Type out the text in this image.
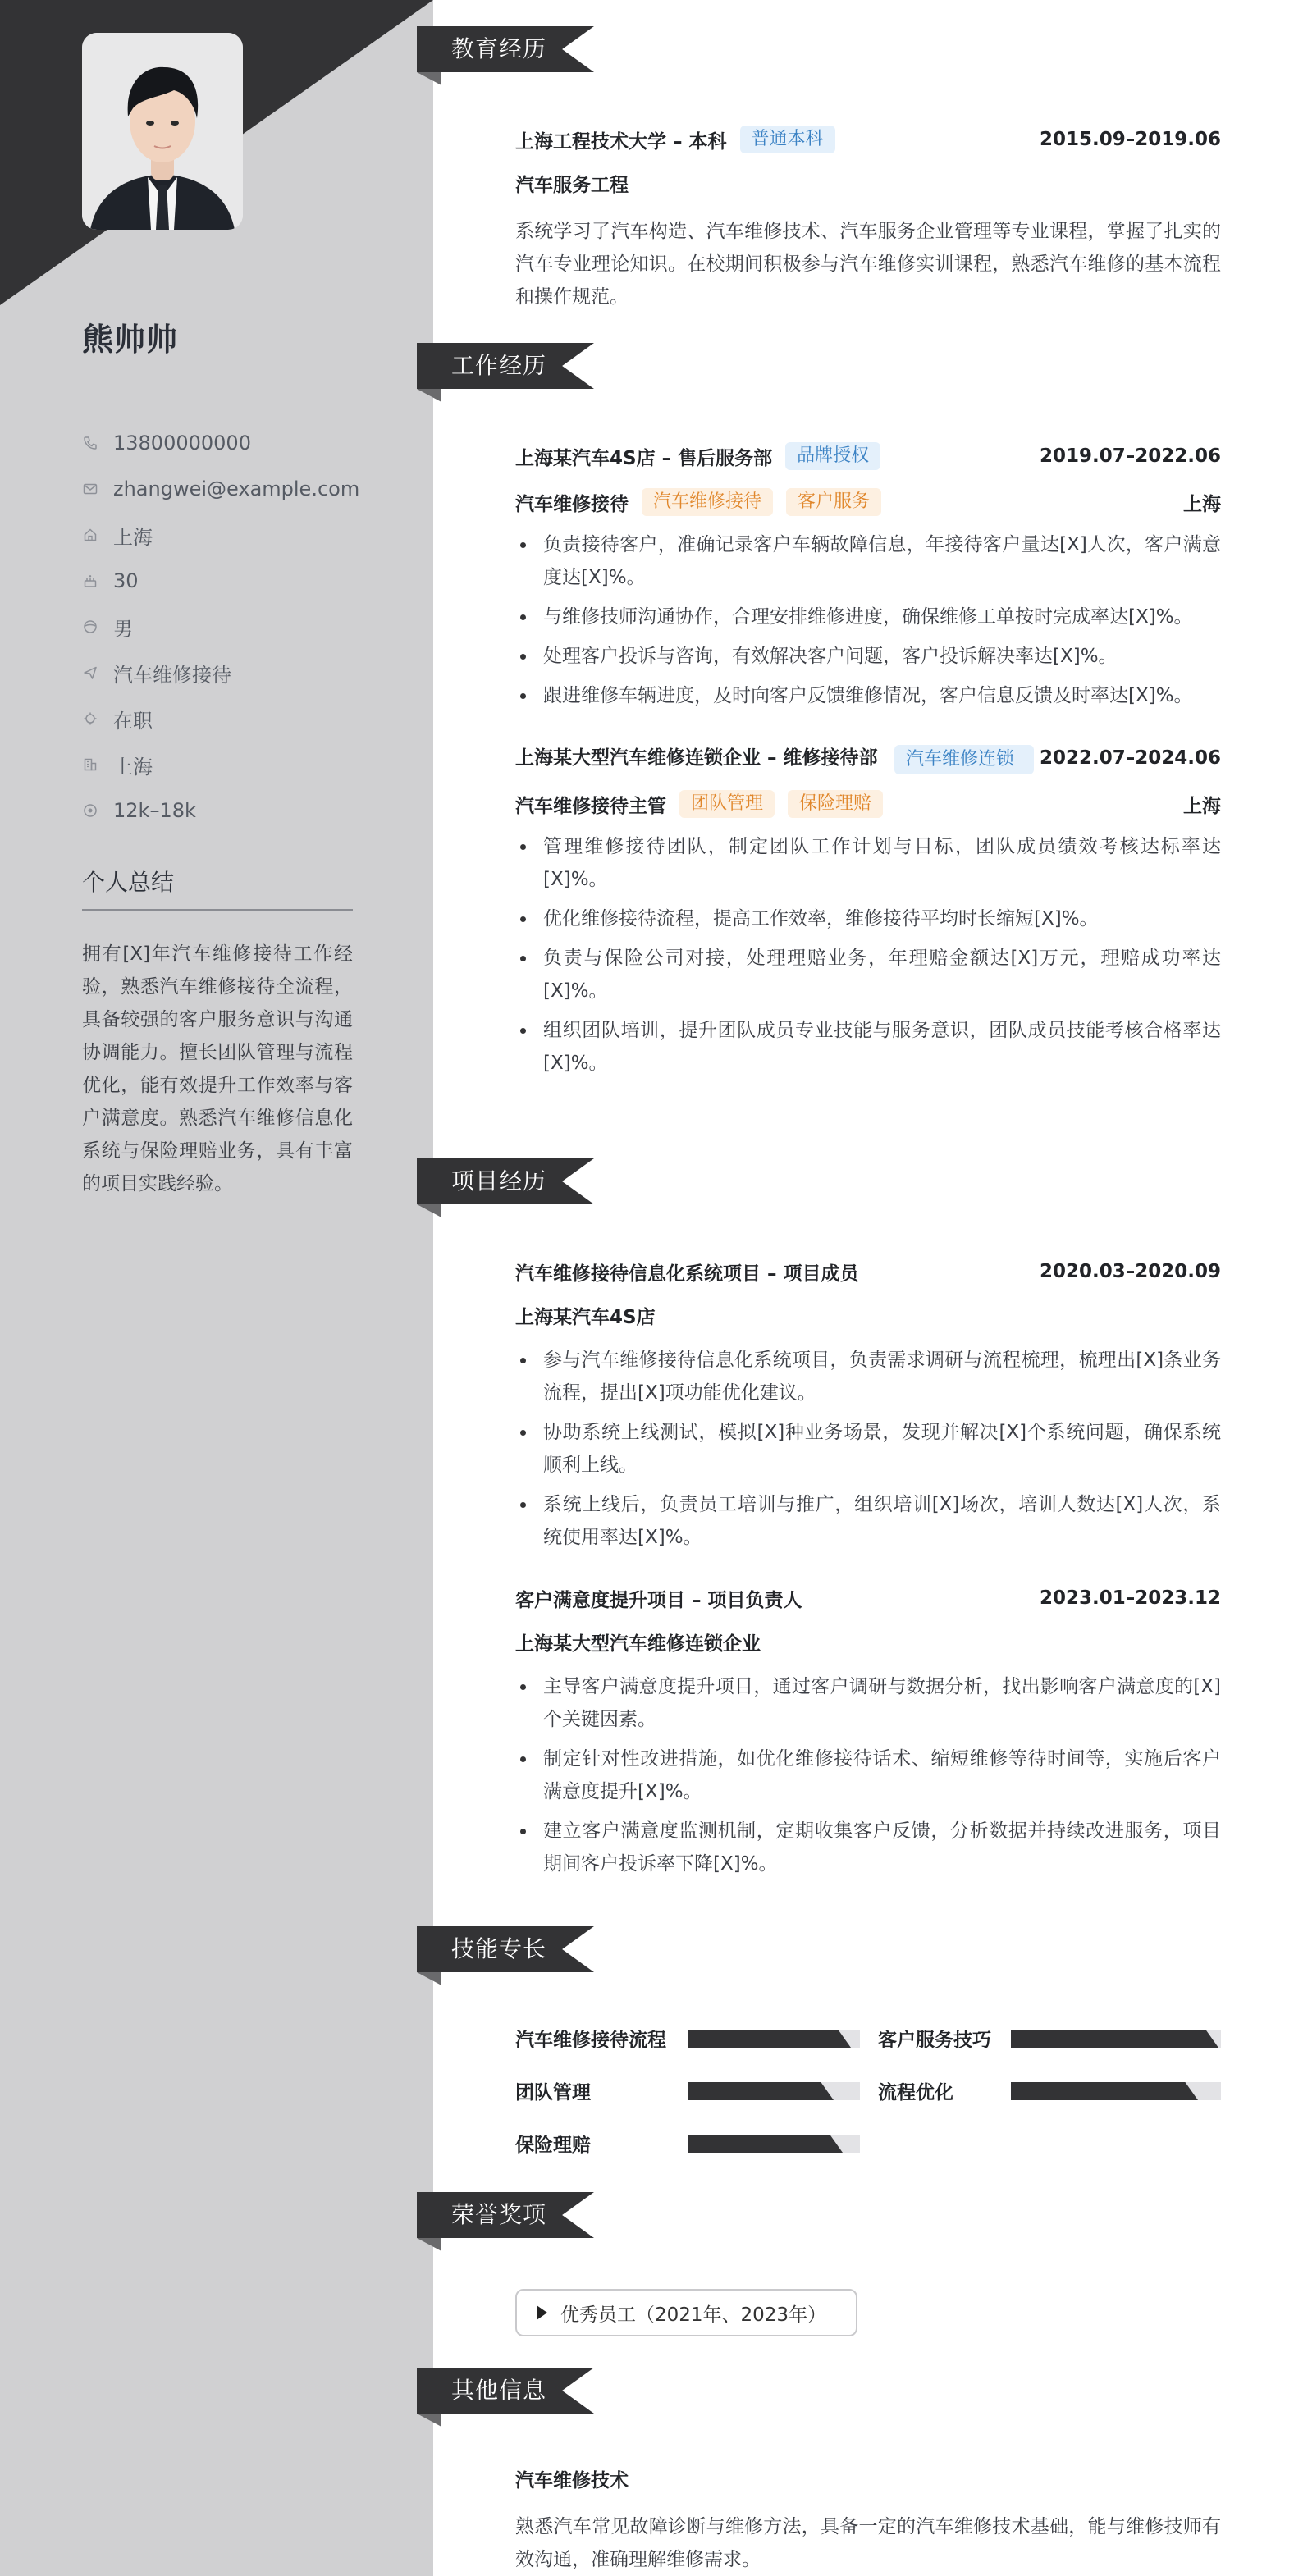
熊帅帅
13800000000
zhangwei@example.com
上海
30
男
汽车维修接待
在职
上海
12k–18k
个人总结
拥有[X]年汽车维修接待工作经验，熟悉汽车维修接待全流程，具备较强的客户服务意识与沟通协调能力。擅长团队管理与流程优化，能有效提升工作效率与客户满意度。熟悉汽车维修信息化系统与保险理赔业务，具有丰富的项目实践经验。
教育经历
上海工程技术大学 – 本科	普通本科	2015.09–2019.06
汽车服务工程
系统学习了汽车构造、汽车维修技术、汽车服务企业管理等专业课程，掌握了扎实的汽车专业理论知识。在校期间积极参与汽车维修实训课程，熟悉汽车维修的基本流程和操作规范。
工作经历
上海某汽车4S店 – 售后服务部	品牌授权	2019.07–2022.06
汽车维修接待	汽车维修接待	客户服务	上海
负责接待客户，准确记录客户车辆故障信息，年接待客户量达[X]人次，客户满意度达[X]%。
与维修技师沟通协作，合理安排维修进度，确保维修工单按时完成率达[X]%。
处理客户投诉与咨询，有效解决客户问题，客户投诉解决率达[X]%。
跟进维修车辆进度，及时向客户反馈维修情况，客户信息反馈及时率达[X]%。
上海某大型汽车维修连锁企业 – 维修接待部	汽车维修连锁	2022.07–2024.06
汽车维修接待主管	团队管理	保险理赔	上海
管理维修接待团队，制定团队工作计划与目标，团队成员绩效考核达标率达[X]%。
优化维修接待流程，提高工作效率，维修接待平均时长缩短[X]%。
负责与保险公司对接，处理理赔业务，年理赔金额达[X]万元，理赔成功率达[X]%。
组织团队培训，提升团队成员专业技能与服务意识，团队成员技能考核合格率达[X]%。
项目经历
汽车维修接待信息化系统项目 – 项目成员	2020.03–2020.09
上海某汽车4S店
参与汽车维修接待信息化系统项目，负责需求调研与流程梳理，梳理出[X]条业务流程，提出[X]项功能优化建议。
协助系统上线测试，模拟[X]种业务场景，发现并解决[X]个系统问题，确保系统顺利上线。
系统上线后，负责员工培训与推广，组织培训[X]场次，培训人数达[X]人次，系统使用率达[X]%。
客户满意度提升项目 – 项目负责人	2023.01–2023.12
上海某大型汽车维修连锁企业
主导客户满意度提升项目，通过客户调研与数据分析，找出影响客户满意度的[X]个关键因素。
制定针对性改进措施，如优化维修接待话术、缩短维修等待时间等，实施后客户满意度提升[X]%。
建立客户满意度监测机制，定期收集客户反馈，分析数据并持续改进服务，项目期间客户投诉率下降[X]%。
技能专长
汽车维修接待流程	客户服务技巧
团队管理	流程优化
保险理赔
荣誉奖项
优秀员工（2021年、2023年）
其他信息
汽车维修技术
熟悉汽车常见故障诊断与维修方法，具备一定的汽车维修技术基础，能与维修技师有效沟通，准确理解维修需求。
